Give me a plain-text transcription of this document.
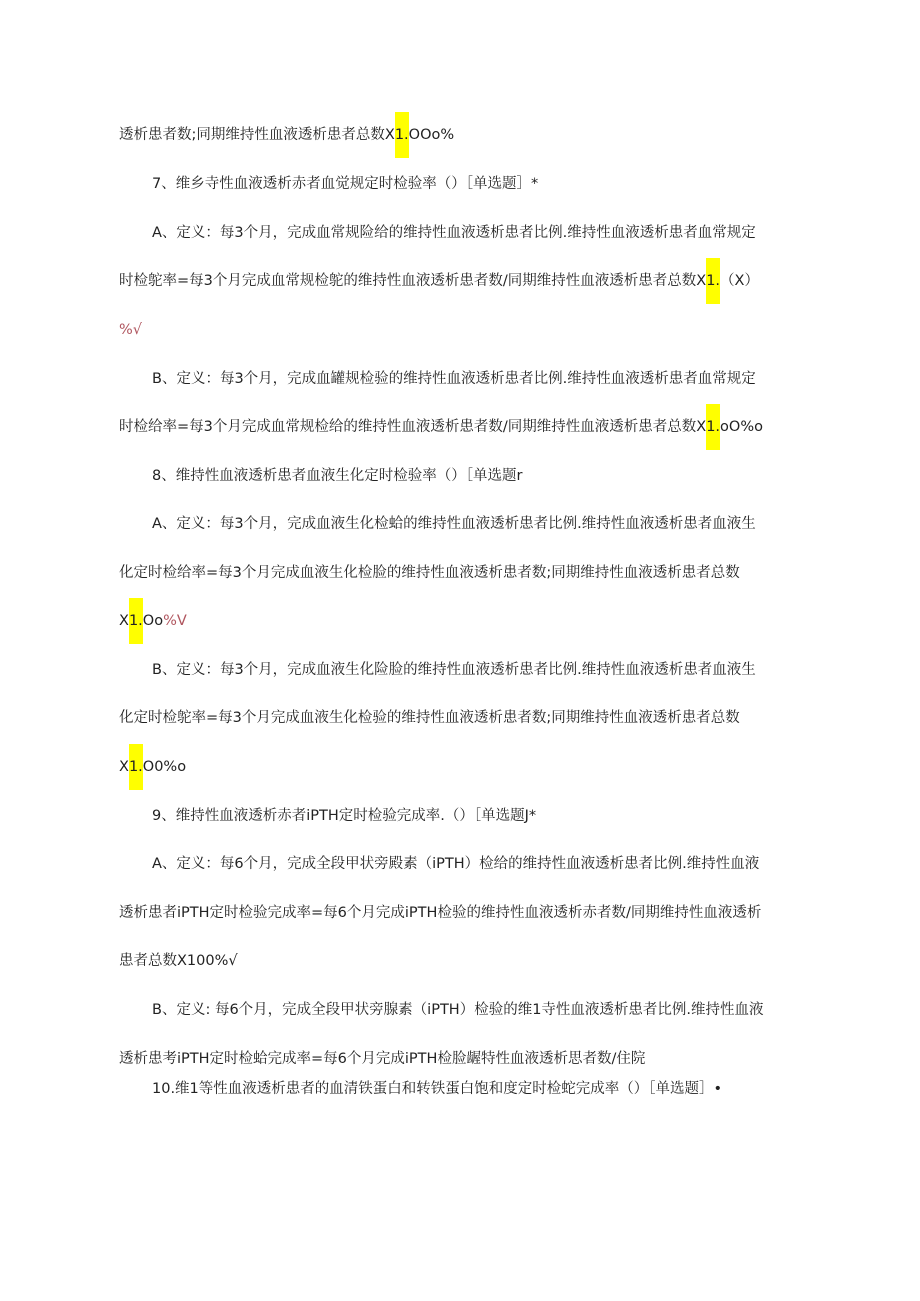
透析患者数;同期维持性血液透析患者总数X1.OOo%
7、维乡寺性血液透析赤者血觉规定时检验率（）［单选题］*
A、定义：每3个月，完成血常规险给的维持性血液透析患者比例.维持性血液透析患者血常规定
时检鸵率=每3个月完成血常规检鸵的维持性血液透析患者数/同期维持性血液透析患者总数X1.（X）
%√
B、定义：每3个月，完成血罐规检验的维持性血液透析患者比例.维持性血液透析患者血常规定
时检给率=每3个月完成血常规检给的维持性血液透析患者数/同期维持性血液透析患者总数X1.oO%o
8、维持性血液透析患者血液生化定时检验率（）［单选题r
A、定义：每3个月，完成血液生化检蛤的维持性血液透析患者比例.维持性血液透析患者血液生
化定时检给率=每3个月完成血液生化检脸的维持性血液透析患者数;同期维持性血液透析患者总数
X1.Oo%V
B、定义：每3个月，完成血液生化险脸的维持性血液透析患者比例.维持性血液透析患者血液生
化定时检鸵率=每3个月完成血液生化检验的维持性血液透析患者数;同期维持性血液透析患者总数
X1.O0%o
9、维持性血液透析赤者iPTH定时检验完成率.（）［单选题J*
A、定义：每6个月，完成全段甲状旁殿素（iPTH）检给的维持性血液透析患者比例.维持性血液
透析患者iPTH定时检验完成率=每6个月完成iPTH检验的维持性血液透析赤者数/同期维持性血液透析
患者总数X100%√
B、定义: 每6个月，完成全段甲状旁腺素（iPTH）检验的维1寺性血液透析患者比例.维持性血液
透析患考iPTH定时检蛤完成率=每6个月完成iPTH检脸龌特性血液透析思者数/住院
10.维1等性血液透析患者的血清铁蛋白和转铁蛋白饱和度定时检蛇完成率（）［单选题］•
